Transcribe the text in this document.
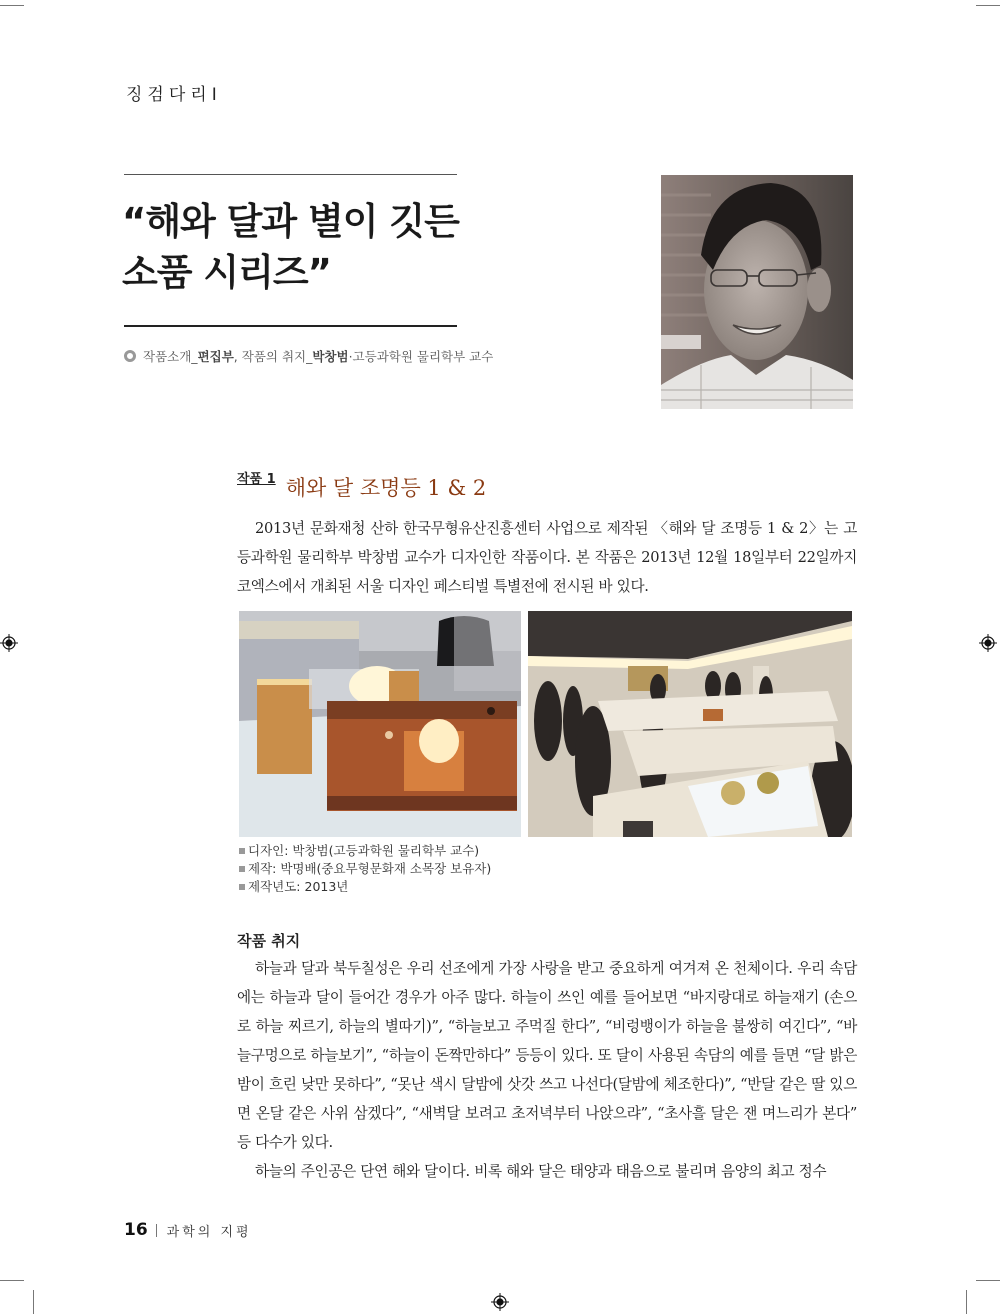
징검다리Ⅰ
“해와 달과 별이 깃든
소품 시리즈”
작품소개_ 편집부 , 작품의 취지_ 박창범 ·고등과학원 물리학부 교수
작품 1 해와 달 조명등 1 & 2

2013년 문화재청 산하 한국무형유산진흥센터 사업으로 제작된 〈해와 달 조명등 1 & 2〉는 고등과학원 물리학부 박창범 교수가 디자인한 작품이다. 본 작품은 2013년 12월 18일부터 22일까지 코엑스에서 개최된 서울 디자인 페스티벌 특별전에 전시된 바 있다.

디자인: 박창범(고등과학원 물리학부 교수)
제작: 박명배(중요무형문화재 소목장 보유자)
제작년도: 2013년
작품 취지

하늘과 달과 북두칠성은 우리 선조에게 가장 사랑을 받고 중요하게 여겨져 온 천체이다. 우리 속담에는 하늘과 달이 들어간 경우가 아주 많다. 하늘이 쓰인 예를 들어보면 “바지랑대로 하늘재기 (손으로 하늘 찌르기, 하늘의 별따기)”, “하늘보고 주먹질 한다”, “비렁뱅이가 하늘을 불쌍히 여긴다”, “바늘구멍으로 하늘보기”, “하늘이 돈짝만하다” 등등이 있다. 또 달이 사용된 속담의 예를 들면 “달 밝은 밤이 흐린 낮만 못하다”, “못난 색시 달밤에 삿갓 쓰고 나선다(달밤에 체조한다)”, “반달 같은 딸 있으면 온달 같은 사위 삼겠다”, “새벽달 보려고 초저녁부터 나앉으랴”, “초사흘 달은 잰 며느리가 본다” 등 다수가 있다.

하늘의 주인공은 단연 해와 달이다. 비록 해와 달은 태양과 태음으로 불리며 음양의 최고 정수

16 과학의 지평
